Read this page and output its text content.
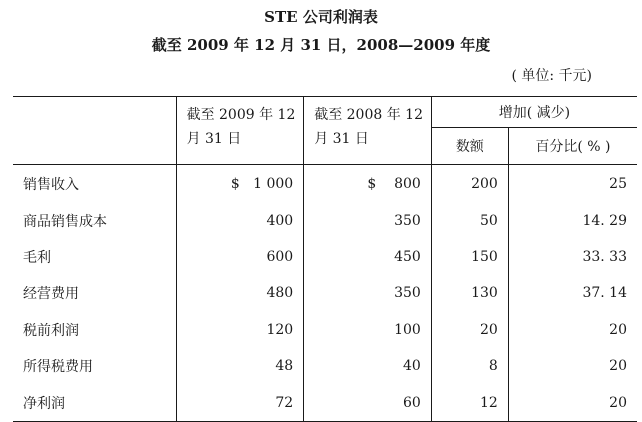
STE 公司利润表
截至 2009 年 12 月 31 日，2008—2009 年度
( 单位: 千元)
	截至 2009 年 12 月 31 日	截至 2008 年 12 月 31 日	增加( 减少)	
			数额	百分比( % )
销售收入	$   1 000	$    800	200	25
商品销售成本	400	350	50	14. 29
毛利	600	450	150	33. 33
经营费用	480	350	130	37. 14
税前利润	120	100	20	20
所得税费用	48	40	8	20
净利润	72	60	12	20
